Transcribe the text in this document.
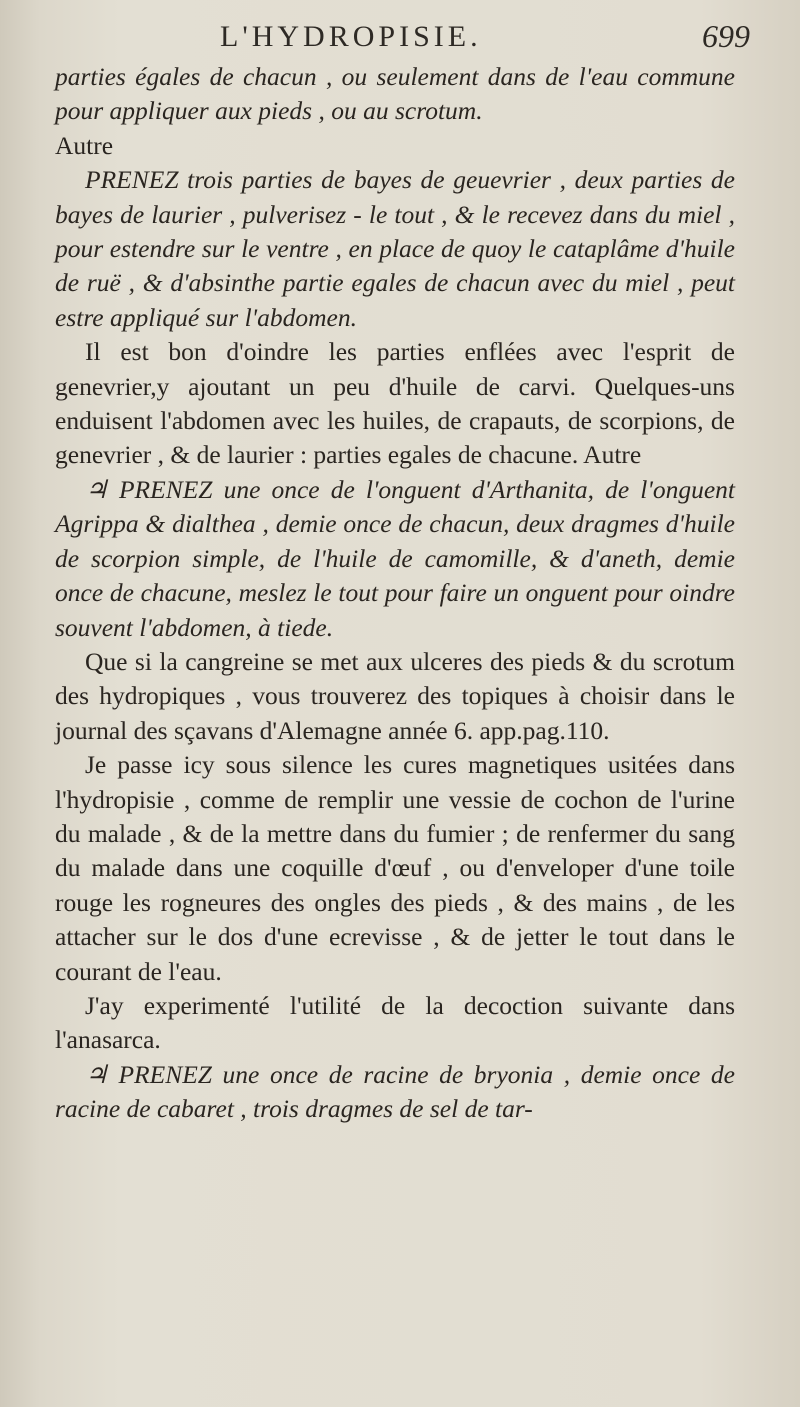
L'HYDROPISIE.	699

parties égales de chacun , ou seulement dans de l'eau commune pour appliquer aux pieds , ou au scrotum.

Autre

PRENEZ trois parties de bayes de geuevrier , deux parties de bayes de laurier , pulverisez - le tout , & le recevez dans du miel , pour estendre sur le ventre , en place de quoy le cataplâme d'huile de ruë , & d'absinthe partie egales de chacun avec du miel , peut estre appliqué sur l'abdomen.

Il est bon d'oindre les parties enflées avec l'esprit de genevrier,y ajoutant un peu d'huile de carvi. Quelques-uns enduisent l'abdomen avec les huiles, de crapauts, de scorpions, de genevrier , & de laurier : parties egales de chacune. Autre

♃ PRENEZ une once de l'onguent d'Arthanita, de l'onguent Agrippa & dialthea , demie once de chacun, deux dragmes d'huile de scorpion simple, de l'huile de camomille, & d'aneth, demie once de chacune, meslez le tout pour faire un onguent pour oindre souvent l'abdomen, à tiede.

Que si la cangreine se met aux ulceres des pieds & du scrotum des hydropiques , vous trouverez des topiques à choisir dans le journal des sçavans d'Alemagne année 6. app.pag.110.

Je passe icy sous silence les cures magnetiques usitées dans l'hydropisie , comme de remplir une vessie de cochon de l'urine du malade , & de la mettre dans du fumier ; de renfermer du sang du malade dans une coquille d'œuf , ou d'enveloper d'une toile rouge les rogneures des ongles des pieds , & des mains , de les attacher sur le dos d'une ecrevisse , & de jetter le tout dans le courant de l'eau.

J'ay experimenté l'utilité de la decoction suivante dans l'anasarca.

♃ PRENEZ une once de racine de bryonia , demie once de racine de cabaret , trois dragmes de sel de tar-
